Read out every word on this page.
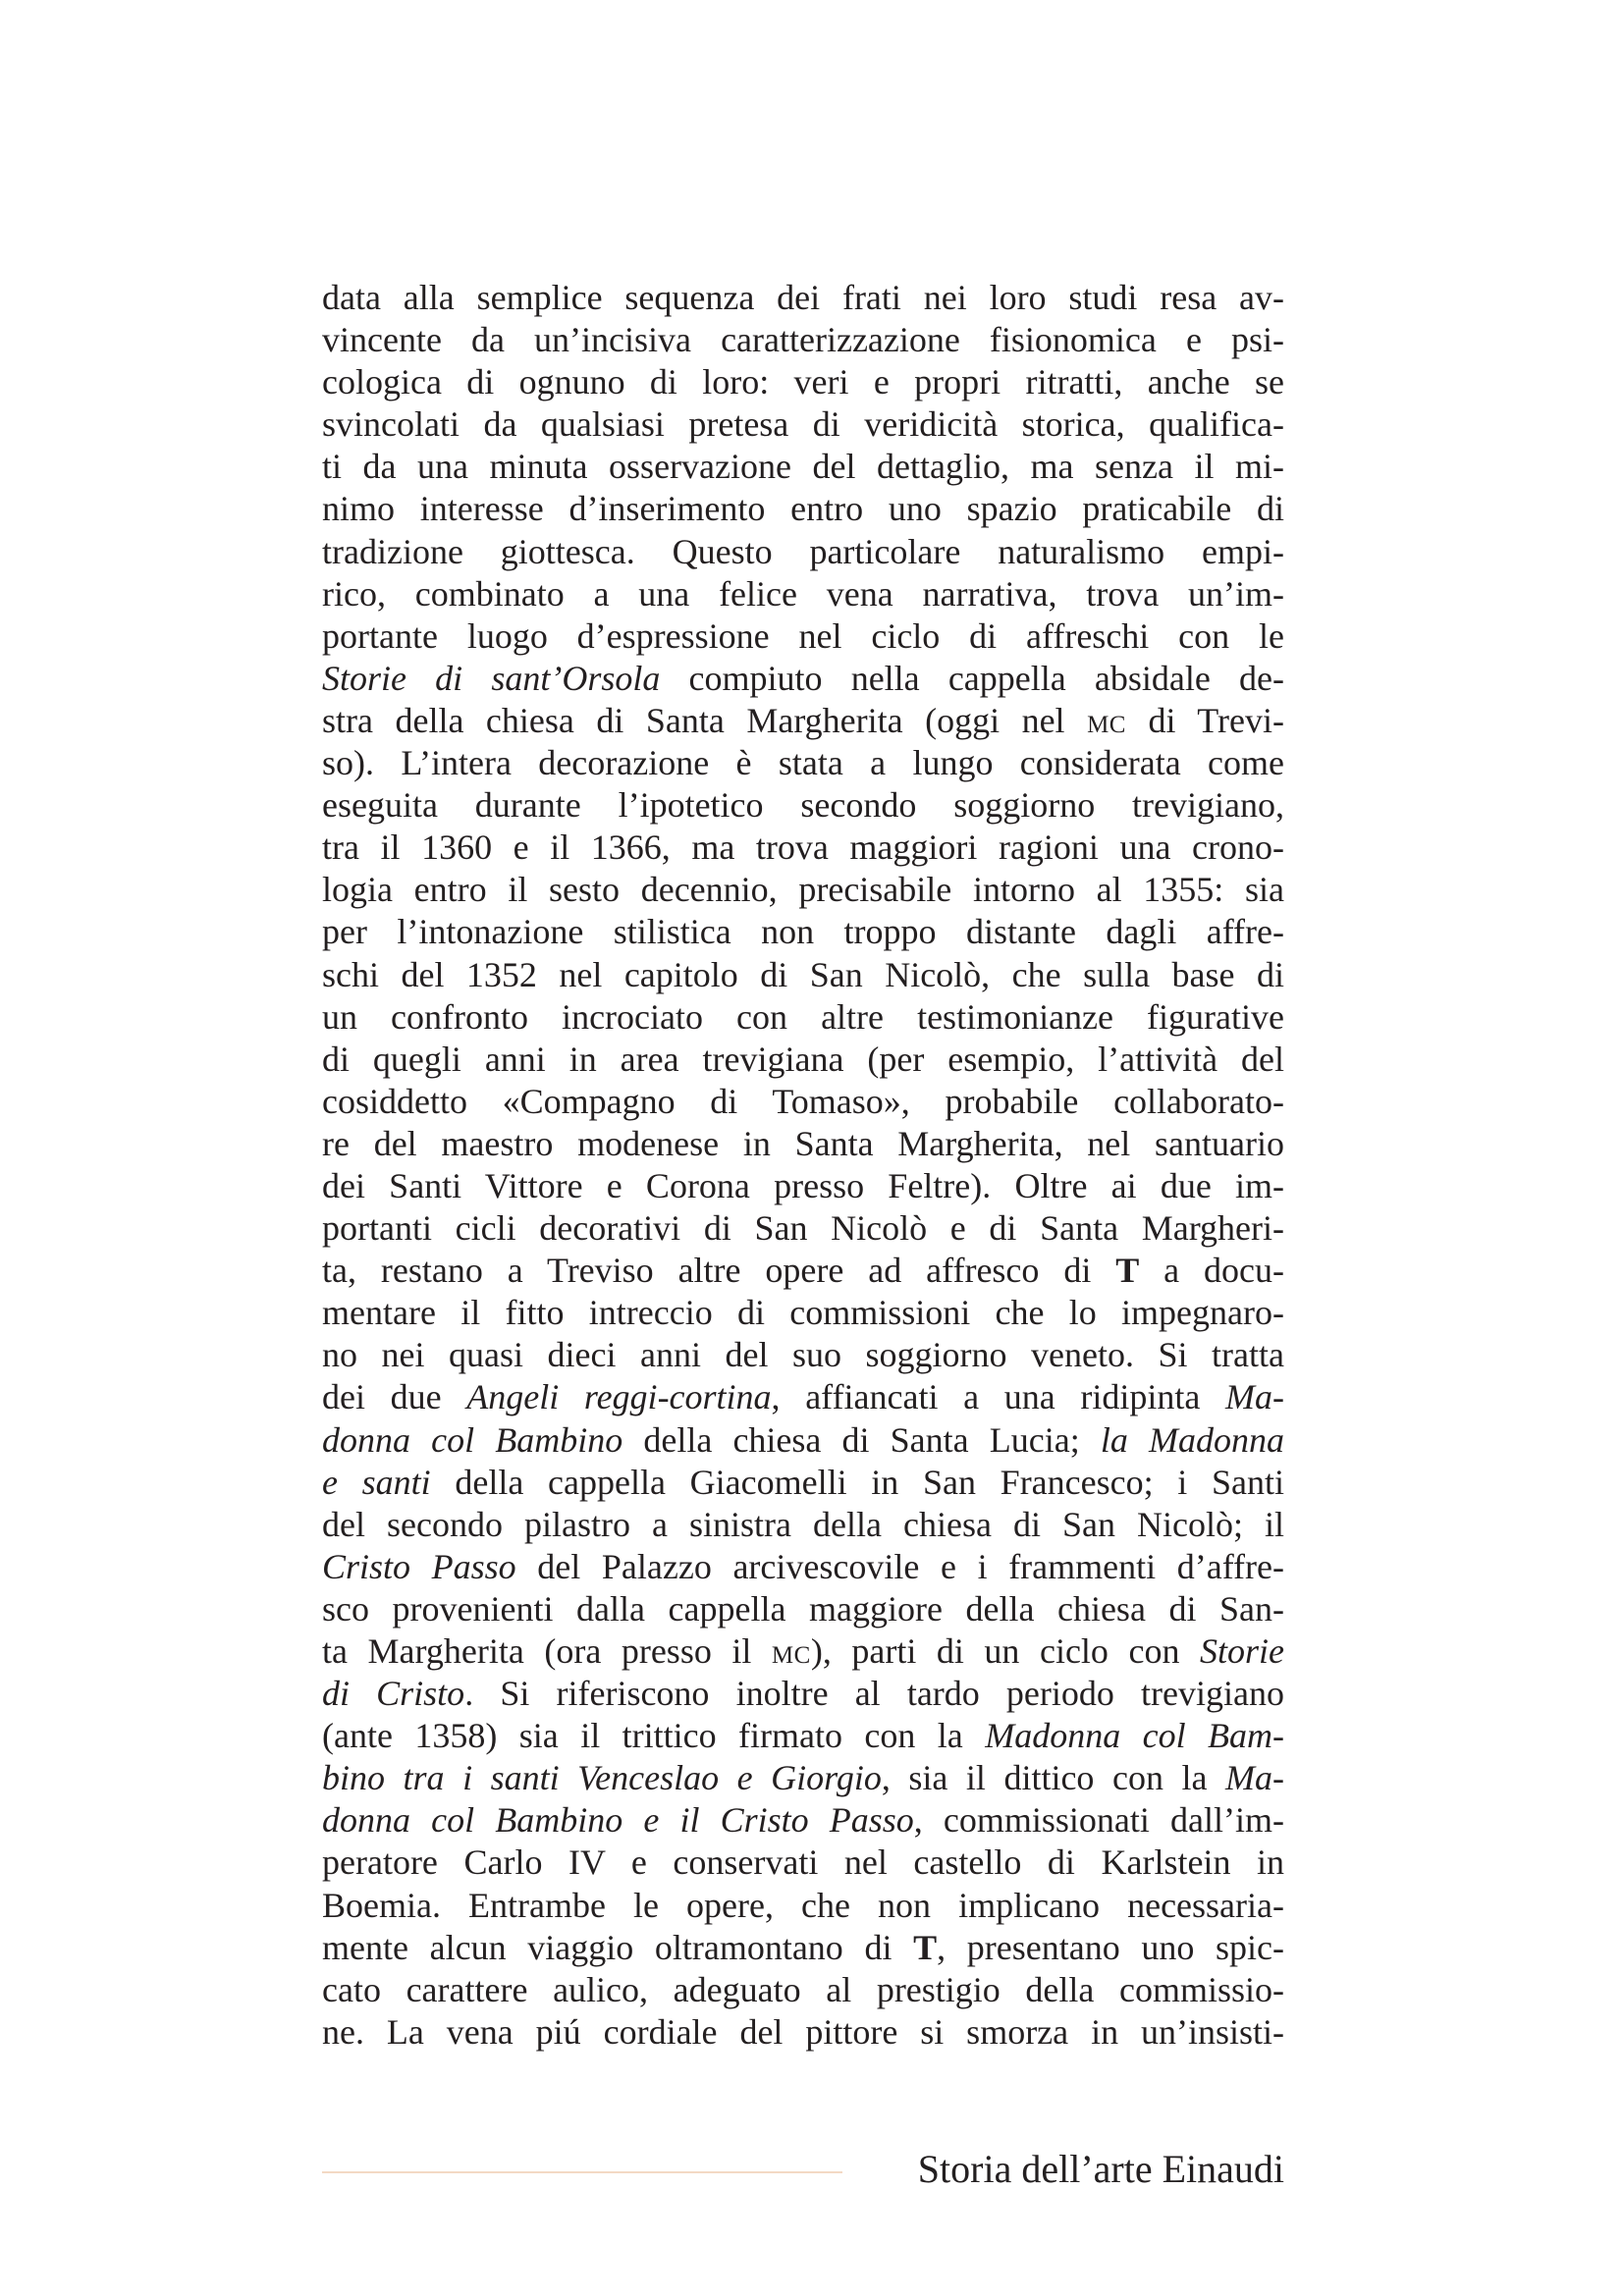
data alla semplice sequenza dei frati nei loro studi resa av-
vincente da un’incisiva caratterizzazione fisionomica e psi-
cologica di ognuno di loro: veri e propri ritratti, anche se
svincolati da qualsiasi pretesa di veridicità storica, qualifica-
ti da una minuta osservazione del dettaglio, ma senza il mi-
nimo interesse d’inserimento entro uno spazio praticabile di
tradizione giottesca. Questo particolare naturalismo empi-
rico, combinato a una felice vena narrativa, trova un’im-
portante luogo d’espressione nel ciclo di affreschi con le
Storie di sant’Orsola compiuto nella cappella absidale de-
stra della chiesa di Santa Margherita (oggi nel mc di Trevi-
so). L’intera decorazione è stata a lungo considerata come
eseguita durante l’ipotetico secondo soggiorno trevigiano,
tra il 1360 e il 1366, ma trova maggiori ragioni una crono-
logia entro il sesto decennio, precisabile intorno al 1355: sia
per l’intonazione stilistica non troppo distante dagli affre-
schi del 1352 nel capitolo di San Nicolò, che sulla base di
un confronto incrociato con altre testimonianze figurative
di quegli anni in area trevigiana (per esempio, l’attività del
cosiddetto «Compagno di Tomaso», probabile collaborato-
re del maestro modenese in Santa Margherita, nel santuario
dei Santi Vittore e Corona presso Feltre). Oltre ai due im-
portanti cicli decorativi di San Nicolò e di Santa Margheri-
ta, restano a Treviso altre opere ad affresco di T a docu-
mentare il fitto intreccio di commissioni che lo impegnaro-
no nei quasi dieci anni del suo soggiorno veneto. Si tratta
dei due Angeli reggi-cortina, affiancati a una ridipinta Ma-
donna col Bambino della chiesa di Santa Lucia; la Madonna
e santi della cappella Giacomelli in San Francesco; i Santi
del secondo pilastro a sinistra della chiesa di San Nicolò; il
Cristo Passo del Palazzo arcivescovile e i frammenti d’affre-
sco provenienti dalla cappella maggiore della chiesa di San-
ta Margherita (ora presso il mc), parti di un ciclo con Storie
di Cristo. Si riferiscono inoltre al tardo periodo trevigiano
(ante 1358) sia il trittico firmato con la Madonna col Bam-
bino tra i santi Venceslao e Giorgio, sia il dittico con la Ma-
donna col Bambino e il Cristo Passo, commissionati dall’im-
peratore Carlo IV e conservati nel castello di Karlstein in
Boemia. Entrambe le opere, che non implicano necessaria-
mente alcun viaggio oltramontano di T, presentano uno spic-
cato carattere aulico, adeguato al prestigio della commissio-
ne. La vena piú cordiale del pittore si smorza in un’insisti-
Storia dell’arte Einaudi
